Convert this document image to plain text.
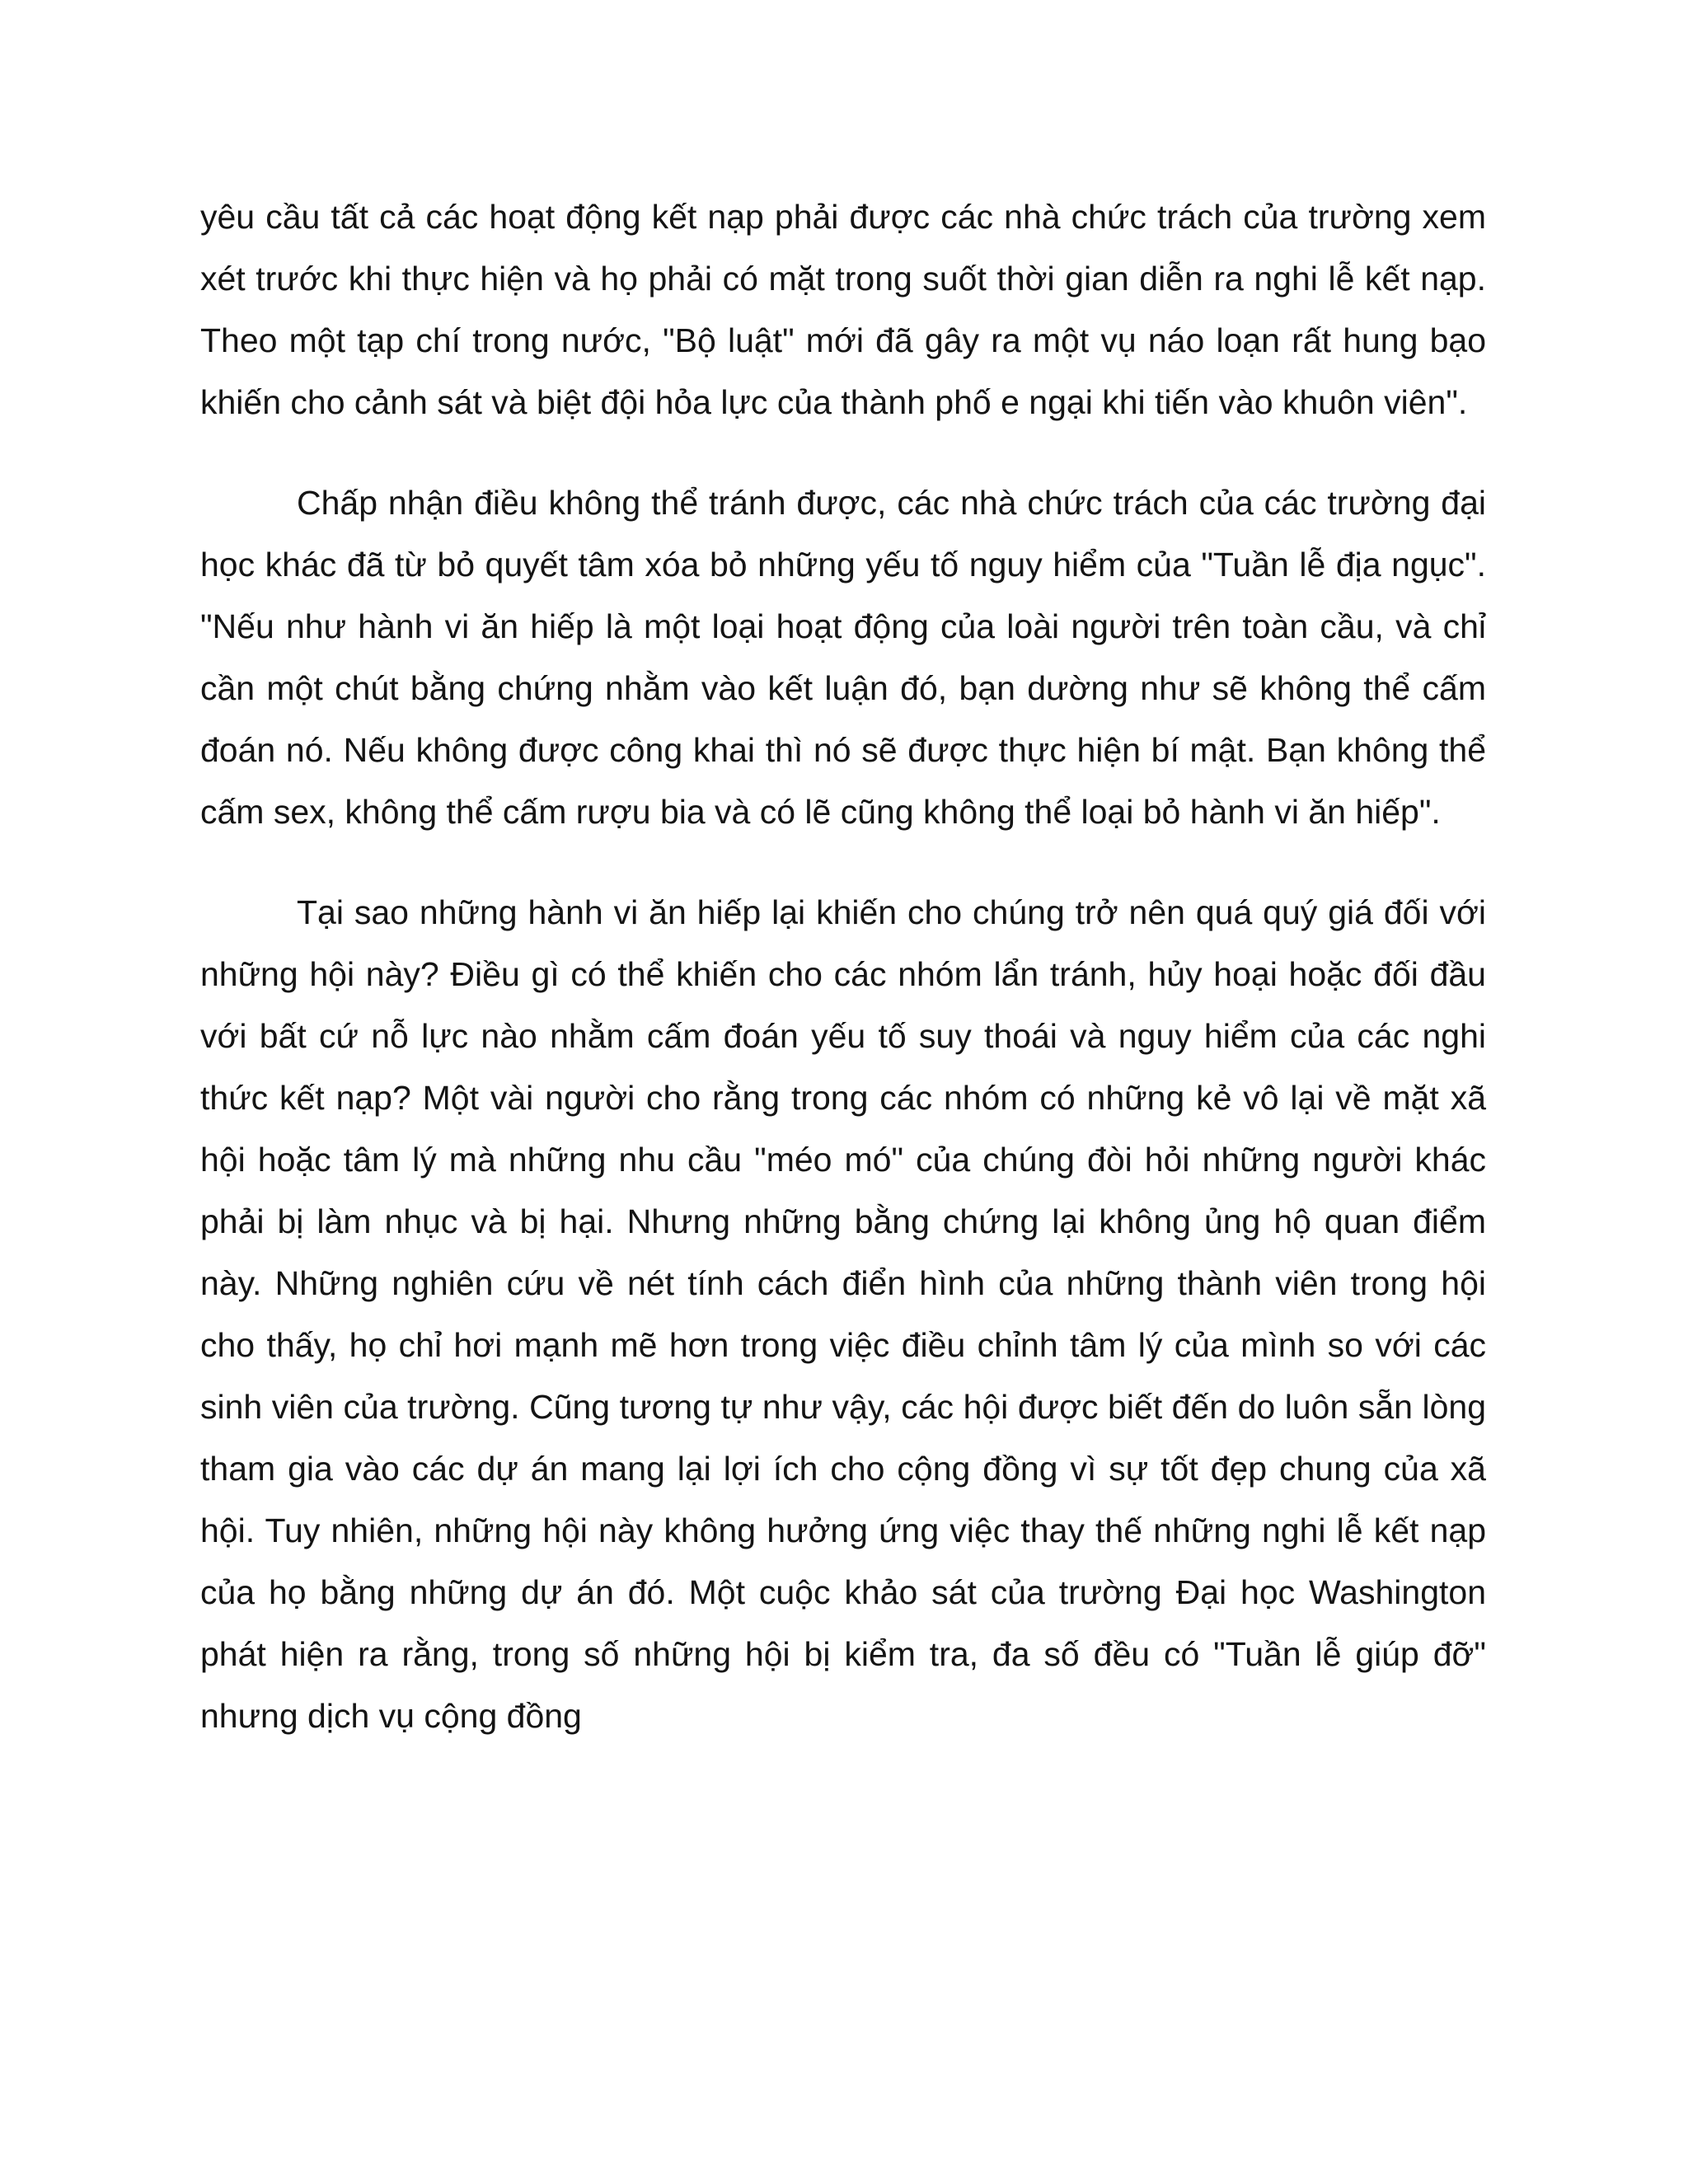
yêu cầu tất cả các hoạt động kết nạp phải được các nhà chức trách của trường xem xét trước khi thực hiện và họ phải có mặt trong suốt thời gian diễn ra nghi lễ kết nạp. Theo một tạp chí trong nước, "Bộ luật" mới đã gây ra một vụ náo loạn rất hung bạo khiến cho cảnh sát và biệt đội hỏa lực của thành phố e ngại khi tiến vào khuôn viên".

Chấp nhận điều không thể tránh được, các nhà chức trách của các trường đại học khác đã từ bỏ quyết tâm xóa bỏ những yếu tố nguy hiểm của "Tuần lễ địa ngục". "Nếu như hành vi ăn hiếp là một loại hoạt động của loài người trên toàn cầu, và chỉ cần một chút bằng chứng nhằm vào kết luận đó, bạn dường như sẽ không thể cấm đoán nó. Nếu không được công khai thì nó sẽ được thực hiện bí mật. Bạn không thể cấm sex, không thể cấm rượu bia và có lẽ cũng không thể loại bỏ hành vi ăn hiếp".

Tại sao những hành vi ăn hiếp lại khiến cho chúng trở nên quá quý giá đối với những hội này? Điều gì có thể khiến cho các nhóm lẩn tránh, hủy hoại hoặc đối đầu với bất cứ nỗ lực nào nhằm cấm đoán yếu tố suy thoái và nguy hiểm của các nghi thức kết nạp? Một vài người cho rằng trong các nhóm có những kẻ vô lại về mặt xã hội hoặc tâm lý mà những nhu cầu "méo mó" của chúng đòi hỏi những người khác phải bị làm nhục và bị hại. Nhưng những bằng chứng lại không ủng hộ quan điểm này. Những nghiên cứu về nét tính cách điển hình của những thành viên trong hội cho thấy, họ chỉ hơi mạnh mẽ hơn trong việc điều chỉnh tâm lý của mình so với các sinh viên của trường. Cũng tương tự như vậy, các hội được biết đến do luôn sẵn lòng tham gia vào các dự án mang lại lợi ích cho cộng đồng vì sự tốt đẹp chung của xã hội. Tuy nhiên, những hội này không hưởng ứng việc thay thế những nghi lễ kết nạp của họ bằng những dự án đó. Một cuộc khảo sát của trường Đại học Washington phát hiện ra rằng, trong số những hội bị kiểm tra, đa số đều có "Tuần lễ giúp đỡ" nhưng dịch vụ cộng đồng
